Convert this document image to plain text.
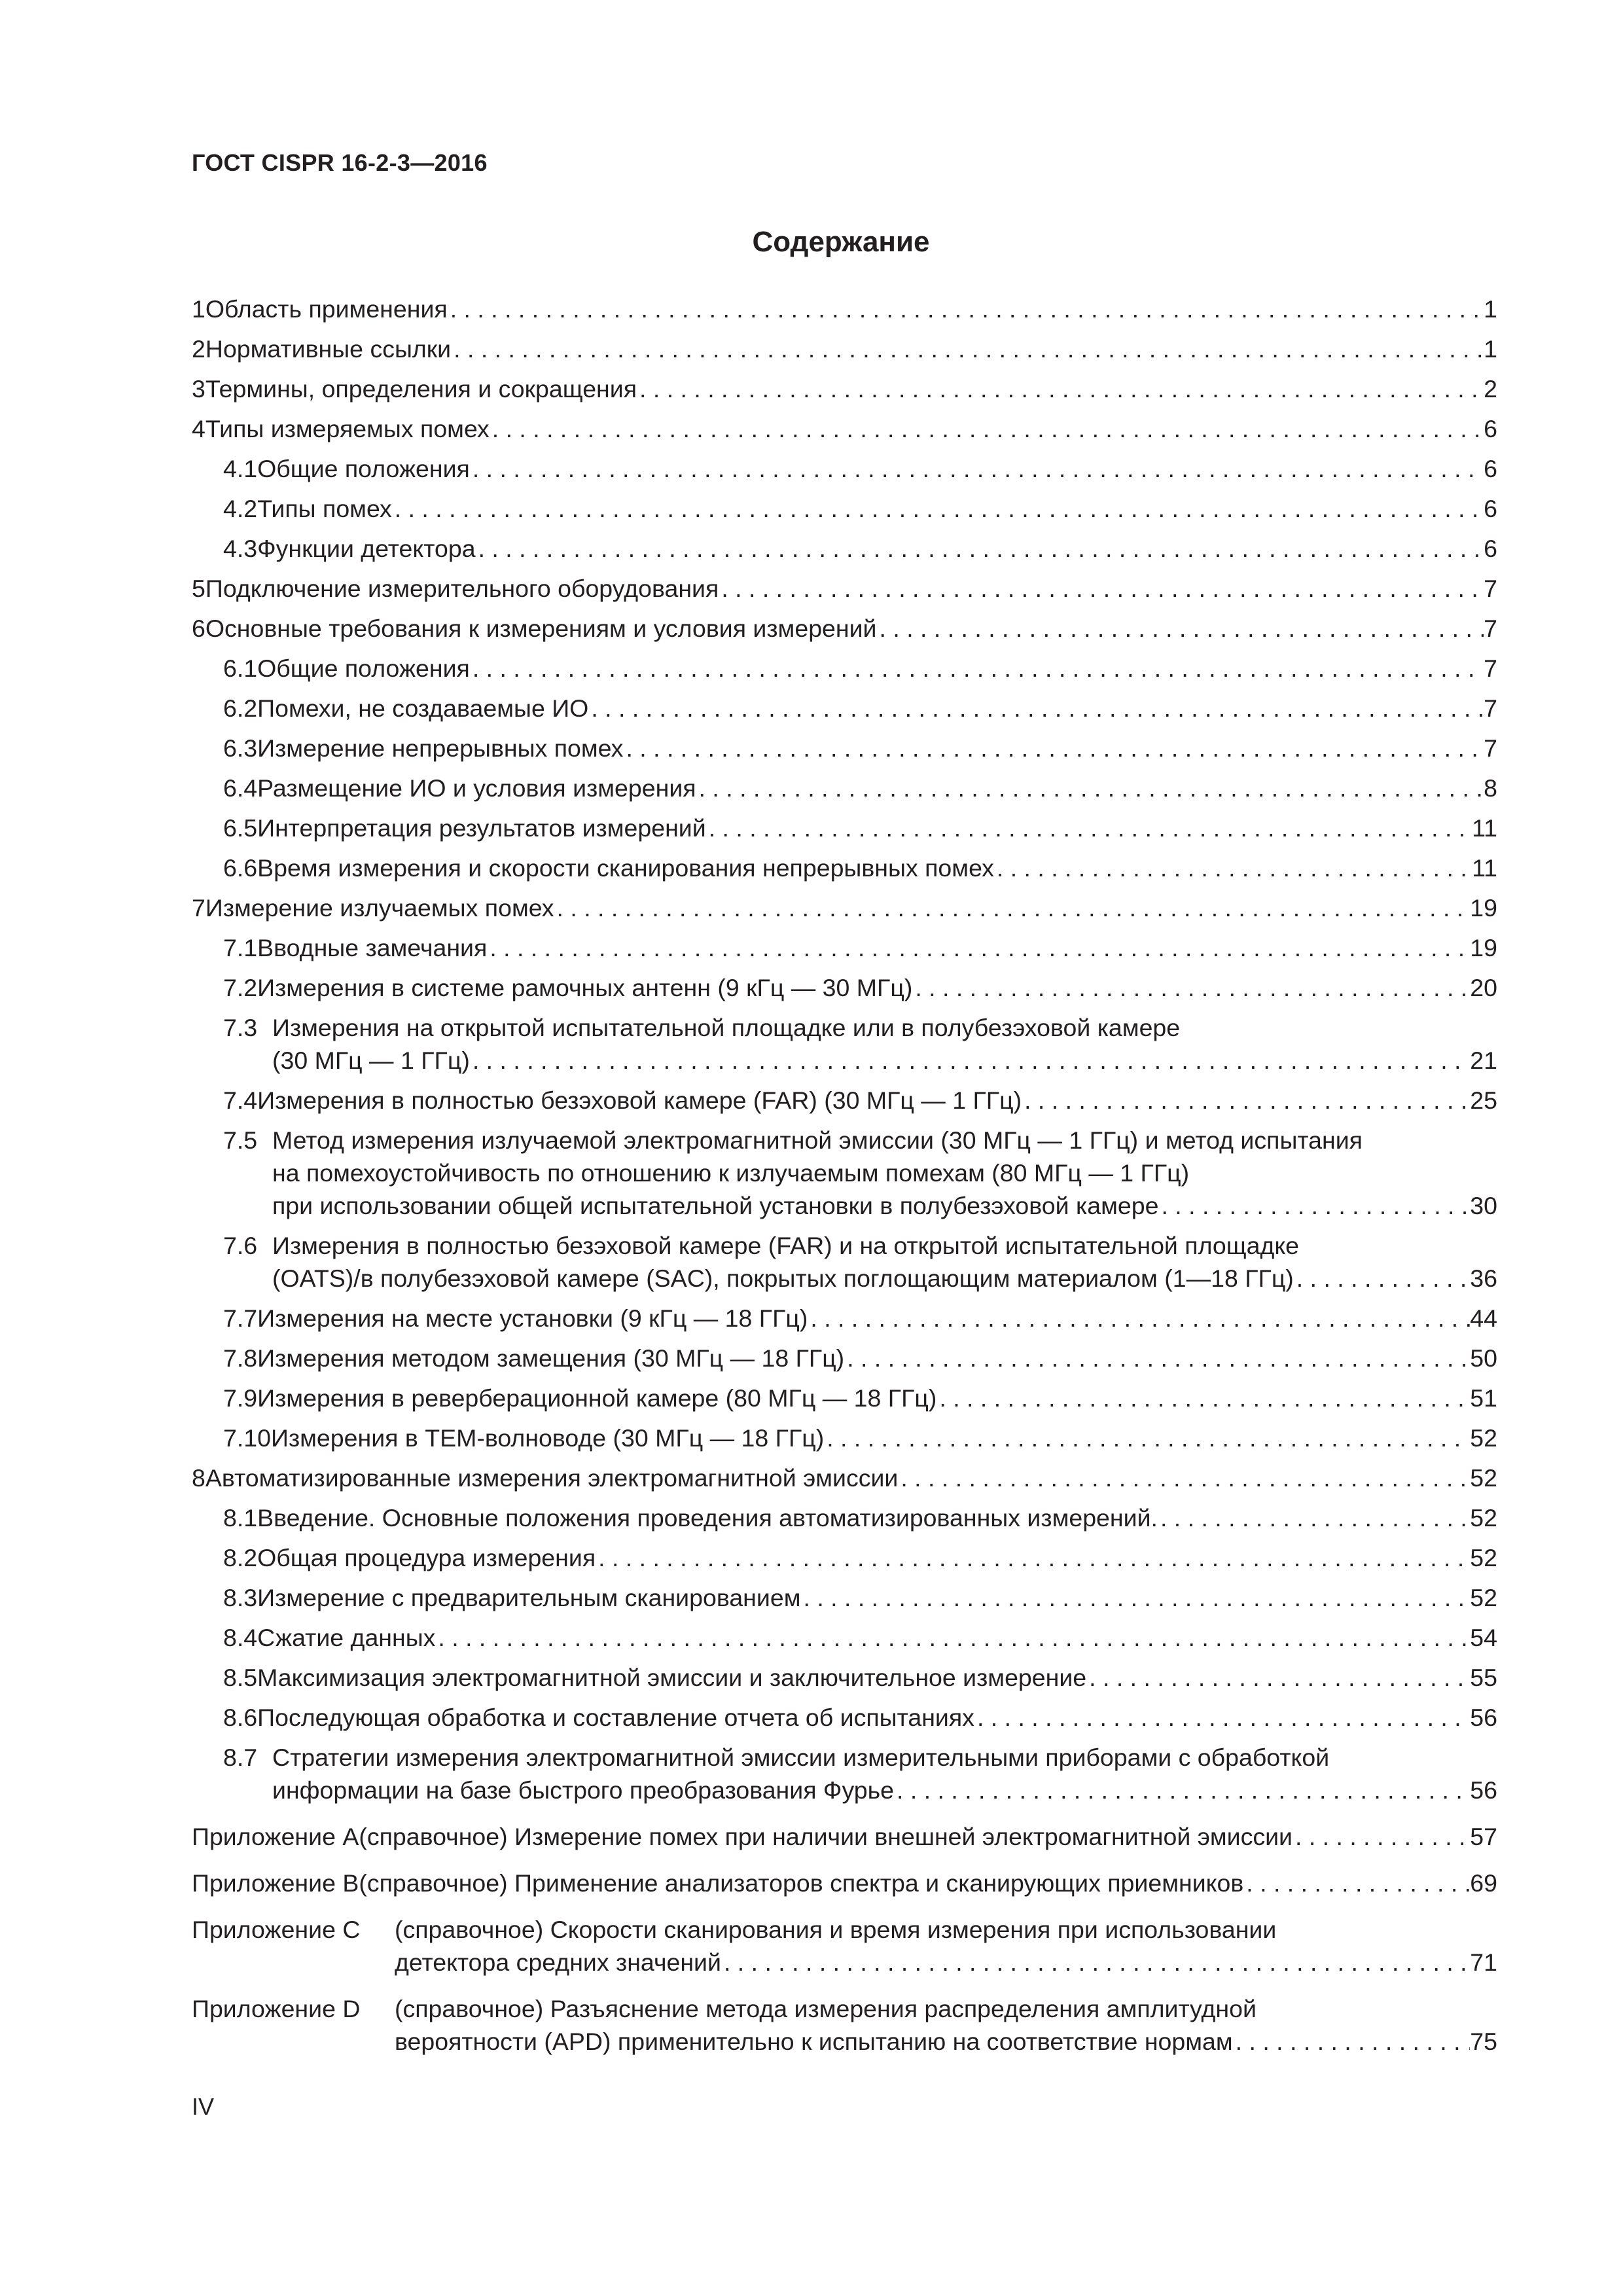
ГОСТ CISPR 16-2-3—2016
Содержание
1 Область применения . . .	1
2 Нормативные ссылки . . .	1
3 Термины, определения и сокращения . . .	2
4 Типы измеряемых помех . . .	6
4.1 Общие положения . . .	6
4.2 Типы помех . . .	6
4.3 Функции детектора . . .	6
5 Подключение измерительного оборудования . . .	7
6 Основные требования к измерениям и условия измерений . . .	7
6.1 Общие положения . . .	7
6.2 Помехи, не создаваемые ИО . . .	7
6.3 Измерение непрерывных помех . . .	7
6.4 Размещение ИО и условия измерения . . .	8
6.5 Интерпретация результатов измерений . . .	11
6.6 Время измерения и скорости сканирования непрерывных помех . . .	11
7 Измерение излучаемых помех . . .	19
7.1 Вводные замечания . . .	19
7.2 Измерения в системе рамочных антенн (9 кГц — 30 МГц) . . .	20
7.3 Измерения на открытой испытательной площадке или в полубезэховой камере
(30 МГц — 1 ГГц) . . .	21
7.4 Измерения в полностью безэховой камере (FAR) (30 МГц — 1 ГГц) . . .	25
7.5 Метод измерения излучаемой электромагнитной эмиссии (30 МГц — 1 ГГц) и метод испытания
на помехоустойчивость по отношению к излучаемым помехам (80 МГц — 1 ГГц)
при использовании общей испытательной установки в полубезэховой камере . . .	30
7.6 Измерения в полностью безэховой камере (FAR) и на открытой испытательной площадке
(OATS)/в полубезэховой камере (SAC), покрытых поглощающим материалом (1—18 ГГц) . . .	36
7.7 Измерения на месте установки (9 кГц — 18 ГГц) . . .	44
7.8 Измерения методом замещения (30 МГц — 18 ГГц) . . .	50
7.9 Измерения в реверберационной камере (80 МГц — 18 ГГц) . . .	51
7.10 Измерения в ТЕМ-волноводе (30 МГц — 18 ГГц) . . .	52
8 Автоматизированные измерения электромагнитной эмиссии . . .	52
8.1 Введение. Основные положения проведения автоматизированных измерений. . . .	52
8.2 Общая процедура измерения . . .	52
8.3 Измерение с предварительным сканированием . . .	52
8.4 Сжатие данных . . .	54
8.5 Максимизация электромагнитной эмиссии и заключительное измерение . . .	55
8.6 Последующая обработка и составление отчета об испытаниях . . .	56
8.7 Стратегии измерения электромагнитной эмиссии измерительными приборами с обработкой
информации на базе быстрого преобразования Фурье . . .	56
Приложение А (справочное) Измерение помех при наличии внешней электромагнитной эмиссии . . .	57
Приложение В (справочное) Применение анализаторов спектра и сканирующих приемников . . .	69
Приложение С (справочное) Скорости сканирования и время измерения при использовании
детектора средних значений . . .	71
Приложение D (справочное) Разъяснение метода измерения распределения амплитудной
вероятности (APD) применительно к испытанию на соответствие нормам . . .	75
IV
